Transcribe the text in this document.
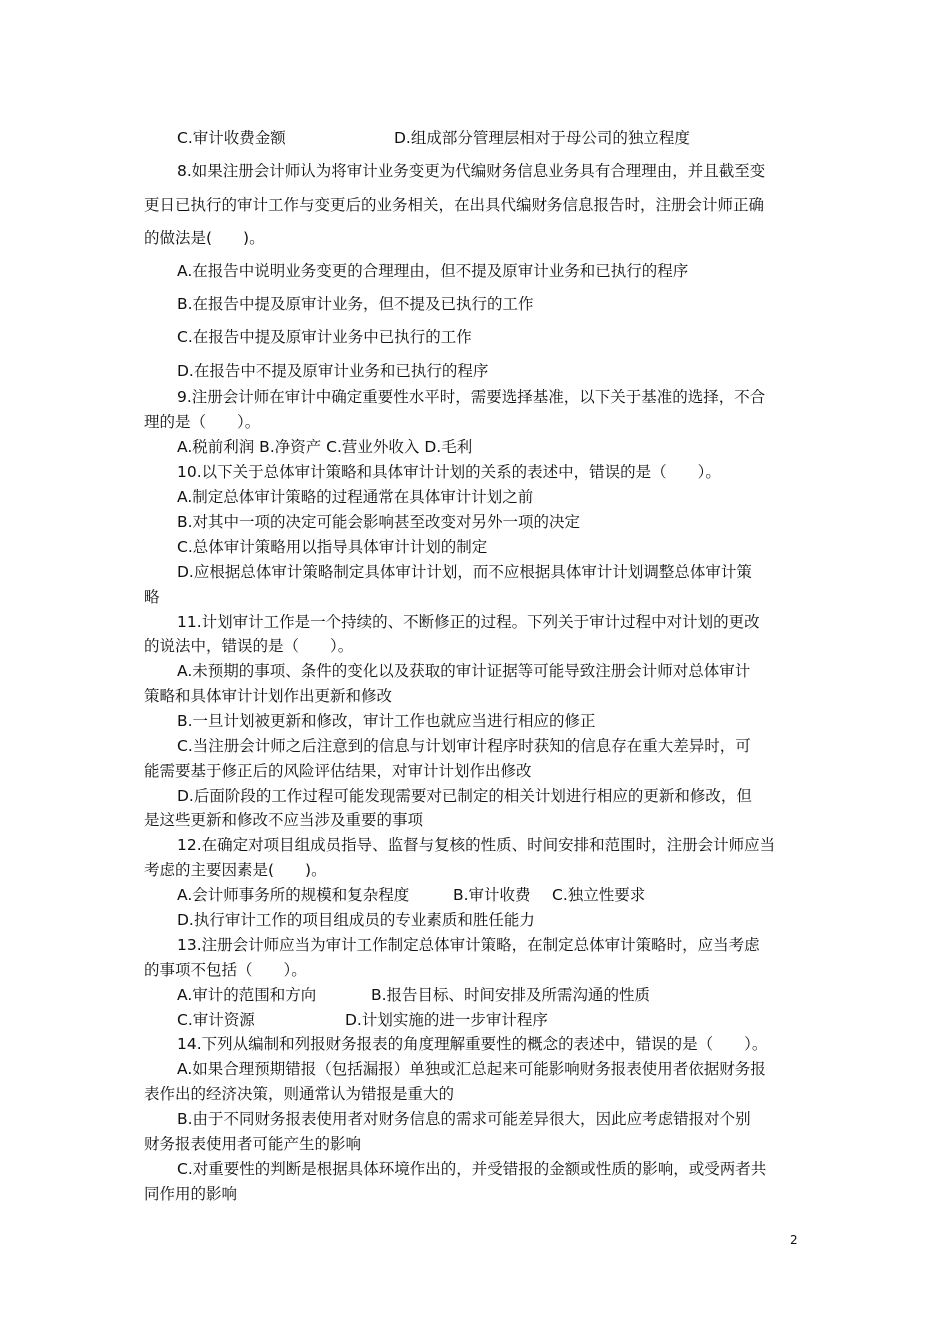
C.审计收费金额	D.组成部分管理层相对于母公司的独立程度
8.如果注册会计师认为将审计业务变更为代编财务信息业务具有合理理由，并且截至变
更日已执行的审计工作与变更后的业务相关，在出具代编财务信息报告时，注册会计师正确
的做法是(　　)。
A.在报告中说明业务变更的合理理由，但不提及原审计业务和已执行的程序
B.在报告中提及原审计业务，但不提及已执行的工作
C.在报告中提及原审计业务中已执行的工作
D.在报告中不提及原审计业务和已执行的程序
9.注册会计师在审计中确定重要性水平时，需要选择基准，以下关于基准的选择，不合
理的是（　　）。
A.税前利润 B.净资产 C.营业外收入 D.毛利
10.以下关于总体审计策略和具体审计计划的关系的表述中，错误的是（　　）。
A.制定总体审计策略的过程通常在具体审计计划之前
B.对其中一项的决定可能会影响甚至改变对另外一项的决定
C.总体审计策略用以指导具体审计计划的制定
D.应根据总体审计策略制定具体审计计划，而不应根据具体审计计划调整总体审计策
略
11.计划审计工作是一个持续的、不断修正的过程。下列关于审计过程中对计划的更改
的说法中，错误的是（　　）。
A.未预期的事项、条件的变化以及获取的审计证据等可能导致注册会计师对总体审计
策略和具体审计计划作出更新和修改
B.一旦计划被更新和修改，审计工作也就应当进行相应的修正
C.当注册会计师之后注意到的信息与计划审计程序时获知的信息存在重大差异时，可
能需要基于修正后的风险评估结果，对审计计划作出修改
D.后面阶段的工作过程可能发现需要对已制定的相关计划进行相应的更新和修改，但
是这些更新和修改不应当涉及重要的事项
12.在确定对项目组成员指导、监督与复核的性质、时间安排和范围时，注册会计师应当
考虑的主要因素是(　　)。
A.会计师事务所的规模和复杂程度	B.审计收费	C.独立性要求
D.执行审计工作的项目组成员的专业素质和胜任能力
13.注册会计师应当为审计工作制定总体审计策略，在制定总体审计策略时，应当考虑
的事项不包括（　　）。
A.审计的范围和方向	B.报告目标、时间安排及所需沟通的性质
C.审计资源	D.计划实施的进一步审计程序
14.下列从编制和列报财务报表的角度理解重要性的概念的表述中，错误的是（　　）。
A.如果合理预期错报（包括漏报）单独或汇总起来可能影响财务报表使用者依据财务报
表作出的经济决策，则通常认为错报是重大的
B.由于不同财务报表使用者对财务信息的需求可能差异很大，因此应考虑错报对个别
财务报表使用者可能产生的影响
C.对重要性的判断是根据具体环境作出的，并受错报的金额或性质的影响，或受两者共
同作用的影响
2
